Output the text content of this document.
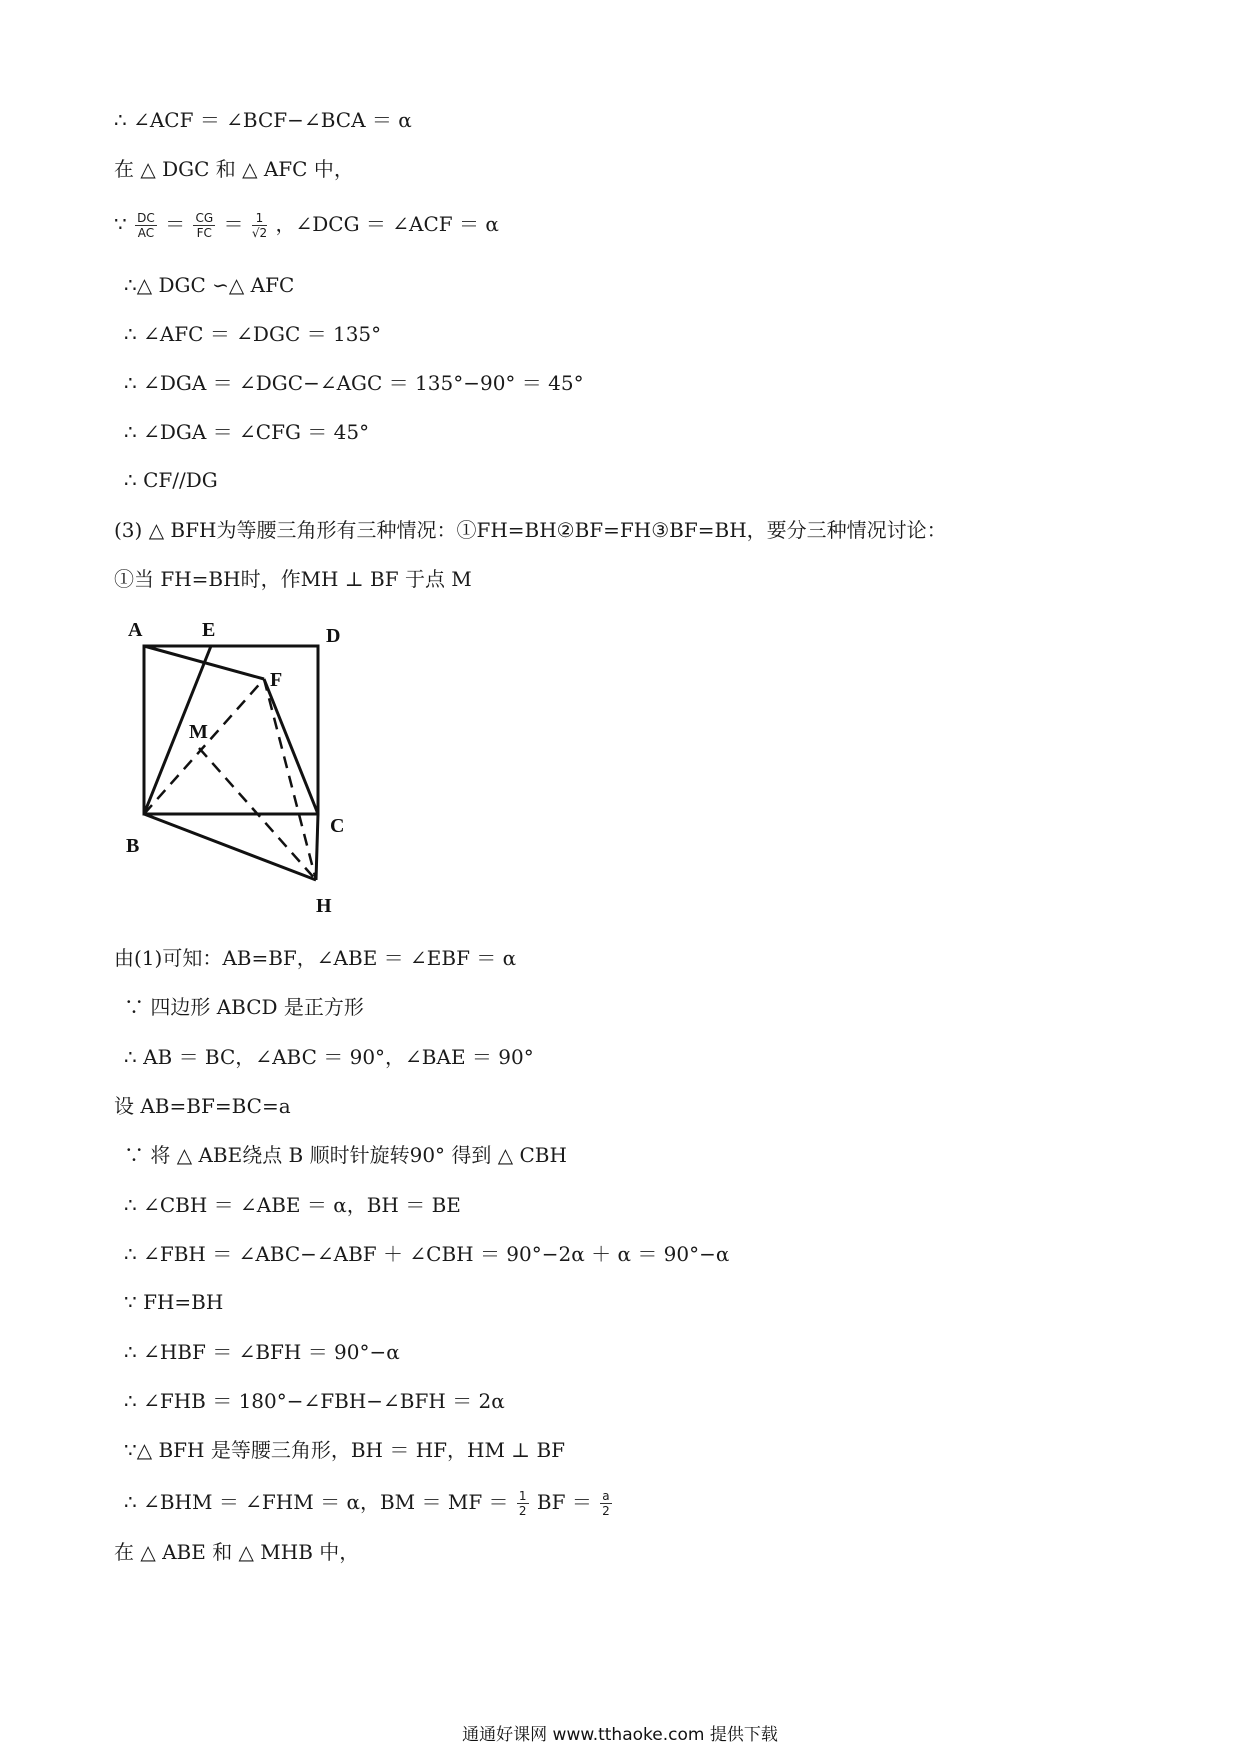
∴ ∠ACF ＝ ∠BCF−∠BCA ＝ α
在 △ DGC 和 △ AFC 中，
∵ $\frac{DC}{AC} = \frac{CG}{FC} = \frac{1}{√2}$ ，∠DCG ＝ ∠ACF ＝ α
∴△ DGC ∽△ AFC
∴ ∠AFC ＝ ∠DGC ＝ 135°
∴ ∠DGA ＝ ∠DGC−∠AGC ＝ 135°−90° ＝ 45°
∴ ∠DGA ＝ ∠CFG ＝ 45°
∴ CF//DG
(3) △ BFH为等腰三角形有三种情况：①FH=BH②BF=FH③BF=BH，要分三种情况讨论：
①当 FH=BH时，作MH ⊥ BF 于点 M
A	E	D
F
M
C
B
H
由(1)可知：AB=BF，∠ABE ＝ ∠EBF ＝ α
∵ 四边形 ABCD 是正方形
∴ AB ＝ BC，∠ABC ＝ 90°，∠BAE ＝ 90°
设 AB=BF=BC=a
∵ 将 △ ABE绕点 B 顺时针旋转90° 得到 △ CBH
∴ ∠CBH ＝ ∠ABE ＝ α，BH ＝ BE
∴ ∠FBH ＝ ∠ABC−∠ABF ＋ ∠CBH ＝ 90°−2α ＋ α ＝ 90°−α
∵ FH=BH
∴ ∠HBF ＝ ∠BFH ＝ 90°−α
∴ ∠FHB ＝ 180°−∠FBH−∠BFH ＝ 2α
∵△ BFH 是等腰三角形，BH ＝ HF，HM ⊥ BF
∴ ∠BHM ＝ ∠FHM ＝ α，BM ＝ MF ＝ $\frac{1}{2}$ BF ＝ $\frac{a}{2}$
在 △ ABE 和 △ MHB 中，
通通好课网 www.tthaoke.com 提供下载
